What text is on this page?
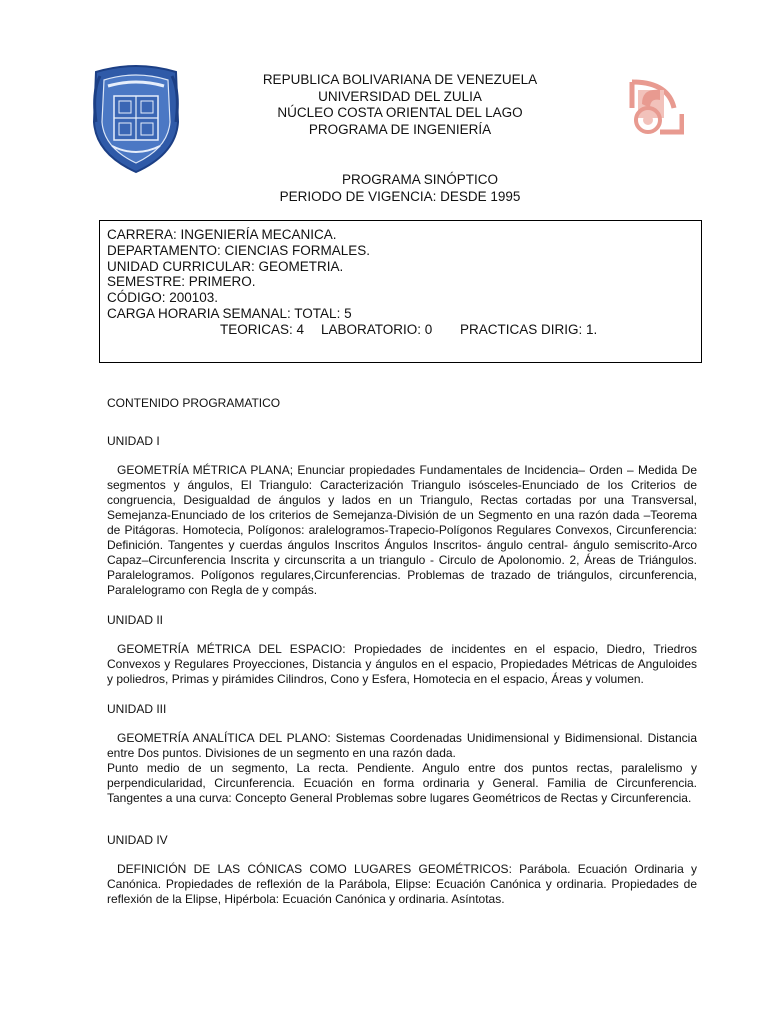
REPUBLICA BOLIVARIANA DE VENEZUELA
UNIVERSIDAD DEL ZULIA
NÚCLEO COSTA ORIENTAL DEL LAGO
PROGRAMA DE INGENIERÍA
PROGRAMA SINÓPTICO
PERIODO DE VIGENCIA: DESDE 1995
CARRERA: INGENIERÍA MECANICA.
DEPARTAMENTO: CIENCIAS FORMALES.
UNIDAD CURRICULAR: GEOMETRIA.
SEMESTRE: PRIMERO.
CÓDIGO: 200103.
CARGA HORARIA SEMANAL: TOTAL: 5
TEORICAS: 4 LABORATORIO: 0 PRACTICAS DIRIG: 1.
CONTENIDO PROGRAMATICO
UNIDAD I

GEOMETRÍA MÉTRICA PLANA; Enunciar propiedades Fundamentales de Incidencia– Orden – Medida De segmentos y ángulos, El Triangulo: Caracterización Triangulo isósceles-Enunciado de los Criterios de congruencia, Desigualdad de ángulos y lados en un Triangulo, Rectas cortadas por una Transversal, Semejanza-Enunciado de los criterios de Semejanza-División de un Segmento en una razón dada –Teorema de Pitágoras. Homotecia, Polígonos: aralelogramos-Trapecio-Polígonos Regulares Convexos, Circunferencia: Definición. Tangentes y cuerdas ángulos Inscritos Ángulos Inscritos- ángulo central- ángulo semiscrito-Arco Capaz–Circunferencia Inscrita y circunscrita a un triangulo - Circulo de Apolonomio. 2, Áreas de Triángulos. Paralelogramos. Polígonos regulares,Circunferencias. Problemas de trazado de triángulos, circunferencia, Paralelogramo con Regla de y compás.

UNIDAD II

GEOMETRÍA MÉTRICA DEL ESPACIO: Propiedades de incidentes en el espacio, Diedro, Triedros Convexos y Regulares Proyecciones, Distancia y ángulos en el espacio, Propiedades Métricas de Anguloides y poliedros, Primas y pirámides Cilindros, Cono y Esfera, Homotecia en el espacio, Áreas y volumen.

UNIDAD III

GEOMETRÍA ANALÍTICA DEL PLANO: Sistemas Coordenadas Unidimensional y Bidimensional. Distancia entre Dos puntos. Divisiones de un segmento en una razón dada.

Punto medio de un segmento, La recta. Pendiente. Angulo entre dos puntos rectas, paralelismo y perpendicularidad, Circunferencia. Ecuación en forma ordinaria y General. Familia de Circunferencia. Tangentes a una curva: Concepto General Problemas sobre lugares Geométricos de Rectas y Circunferencia.

UNIDAD IV

DEFINICIÓN DE LAS CÓNICAS COMO LUGARES GEOMÉTRICOS: Parábola. Ecuación Ordinaria y Canónica. Propiedades de reflexión de la Parábola, Elipse: Ecuación Canónica y ordinaria. Propiedades de reflexión de la Elipse, Hipérbola: Ecuación Canónica y ordinaria. Asíntotas.
